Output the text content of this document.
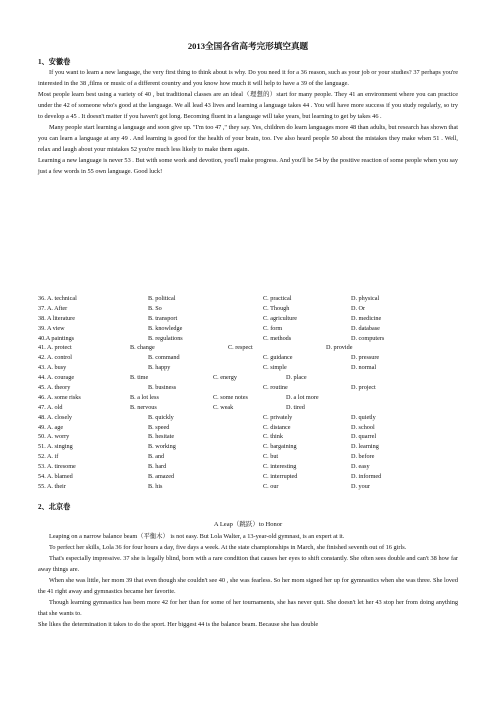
2013全国各省高考完形填空真题
1、安徽卷

If you want to learn a new language, the very first thing to think about is why. Do you need it for a 36 reason, such as your job or your studies? 37 perhaps you're interested in the 38 ,films or music of a different country and you know how much it will help to have a 39 of the language.

Most people learn best using a variety of 40 , but traditional classes are an ideal（理想的）start for many people. They 41 an environment where you can practice under the 42 of someone who's good at the language. We all lead 43 lives and learning a language takes 44 . You will have more success if you study regularly, so try to develop a 45 . It doesn't matter if you haven't got long. Becoming fluent in a language will take years, but learning to get by takes 46 .

Many people start learning a language and soon give up. "I'm too 47 ," they say. Yes, children do learn languages more 48 than adults, but research has shown that you can learn a language at any 49 . And learning is good for the health of your brain, too. I've also heard people 50 about the mistakes they make when 51 . Well, relax and laugh about your mistakes 52 you're much less likely to make them again.

Learning a new language is never 53 . But with some work and devotion, you'll make progress. And you'll be 54 by the positive reaction of some people when you say just a few words in 55 own language. Good luck!

36. A. technical	B. political	C. practical	D. physical
37. A. After	B. So	C. Though	D. Or
38. A literature	B. transport	C. agriculture	D. medicine
39. A view	B. knowledge	C. form	D. database
40.A paintings	B. regulations	C. methods	D. computers
41. A. protect	B. change	C. respect	D. provide
42. A. control	B. command	C. guidance	D. pressure
43. A. busy	B. happy	C. simple	D. normal
44. A. courage	B. time	C. energy	D. place
45. A. theory	B. business	C. routine	D. project
46. A. some risks	B. a lot less	C. some notes	D. a lot more
47. A. old	B. nervous	C. weak	D. tired
48. A. closely	B. quickly	C. privately	D. quietly
49. A. age	B. speed	C. distance	D. school
50. A. worry	B. hesitate	C. think	D. quarrel
51. A. singing	B. working	C. bargaining	D. learning
52. A. if	B. and	C. but	D. before
53. A. tiresome	B. hard	C. interesting	D. easy
54. A. blamed	B. amazed	C. interrupted	D. informed
55. A. their	B. his	C. our	D. your
2、北京卷
A Leap（跳跃）to Honor

Leaping on a narrow balance beam（平衡木） is not easy. But Lola Walter, a 13-year-old gymnast, is an expert at it.

To perfect her skills, Lola 36 for four hours a day, five days a week. At the state championships in March, she finished seventh out of 16 girls.

That's especially impressive. 37 she is legally blind, born with a rare condition that causes her eyes to shift constantly. She often sees double and can't 38 how far away things are.

When she was little, her mom 39 that even though she couldn't see 40 , she was fearless. So her mom signed her up for gymnastics when she was three. She loved the 41 right away and gymnastics became her favorite.

Though learning gymnastics has been more 42 for her than for some of her tournaments, she has never quit. She doesn't let her 43 stop her from doing anything that she wants to.

She likes the determination it takes to do the sport. Her biggest 44 is the balance beam. Because she has double
